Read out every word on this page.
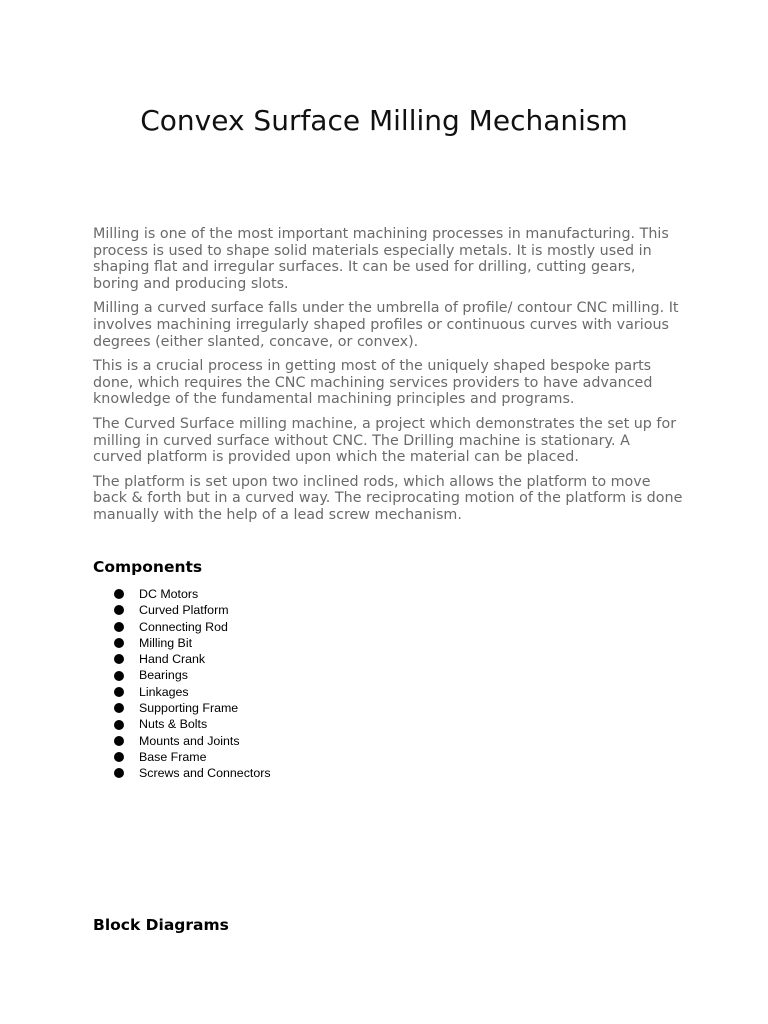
Convex Surface Milling Mechanism

Milling is one of the most important machining processes in manufacturing. This process is used to shape solid materials especially metals. It is mostly used in shaping flat and irregular surfaces. It can be used for drilling, cutting gears, boring and producing slots.

Milling a curved surface falls under the umbrella of profile/ contour CNC milling. It involves machining irregularly shaped profiles or continuous curves with various degrees (either slanted, concave, or convex).

This is a crucial process in getting most of the uniquely shaped bespoke parts done, which requires the CNC machining services providers to have advanced knowledge of the fundamental machining principles and programs.

The Curved Surface milling machine, a project which demonstrates the set up for milling in curved surface without CNC. The Drilling machine is stationary. A curved platform is provided upon which the material can be placed.

The platform is set upon two inclined rods, which allows the platform to move back & forth but in a curved way. The reciprocating motion of the platform is done manually with the help of a lead screw mechanism.

Components
DC Motors
Curved Platform
Connecting Rod
Milling Bit
Hand Crank
Bearings
Linkages
Supporting Frame
Nuts & Bolts
Mounts and Joints
Base Frame
Screws and Connectors
Block Diagrams
